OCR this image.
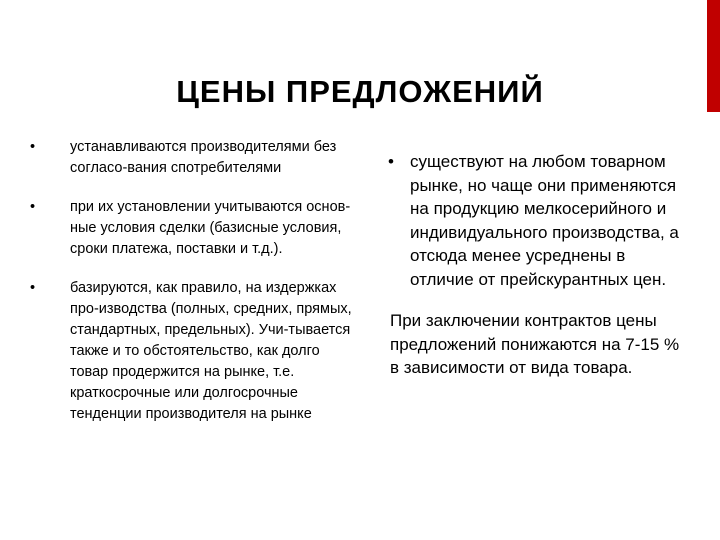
ЦЕНЫ ПРЕДЛОЖЕНИЙ
• устанавливаются производителями без согласо-вания спотребителями
• при их установлении учитываются основ-ные условия сделки (базисные условия, сроки платежа, поставки и т.д.).
• базируются, как правило, на издержках про-изводства (полных, средних, прямых, стандартных, предельных). Учи-тывается также и то обстоятельство, как долго товар продержится на рынке, т.е. краткосрочные или долгосрочные тенденции производителя на рынке
• существуют на любом товарном рынке, но чаще они применяются на продукцию мелкосерийного и индивидуального производства, а отсюда менее усреднены в отличие от прейскурантных цен.
При заключении контрактов цены предложений понижаются на 7-15 % в зависимости от вида товара.
